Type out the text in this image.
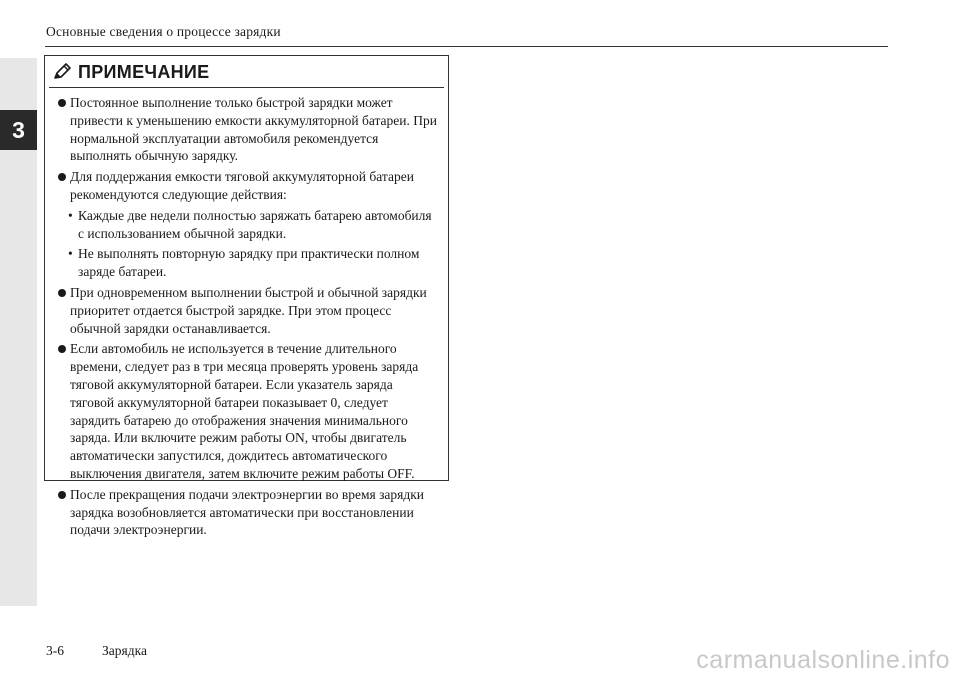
3
Основные сведения о процессе зарядки
ПРИМЕЧАНИЕ
Постоянное выполнение только быстрой зарядки может привести к уменьшению емкости аккумуляторной батареи. При нормальной эксплуатации автомобиля рекомендуется выполнять обычную зарядку.
Для поддержания емкости тяговой аккумуляторной батареи рекомендуются следующие действия:
• Каждые две недели полностью заряжать батарею автомобиля с использованием обычной зарядки.
• Не выполнять повторную зарядку при практически полном заряде батареи.
При одновременном выполнении быстрой и обычной зарядки приоритет отдается быстрой зарядке. При этом процесс обычной зарядки останавливается.
Если автомобиль не используется в течение длительного времени, следует раз в три месяца проверять уровень заряда тяговой аккумуляторной батареи. Если указатель заряда тяговой аккумуляторной батареи показывает 0, следует зарядить батарею до отображения значения минимального заряда. Или включите режим работы ON, чтобы двигатель автоматически запустился, дождитесь автоматического выключения двигателя, затем включите режим работы OFF.
После прекращения подачи электроэнергии во время зарядки зарядка возобновляется автоматически при восстановлении подачи электроэнергии.
3-6	Зарядка	carmanualsonline.info
